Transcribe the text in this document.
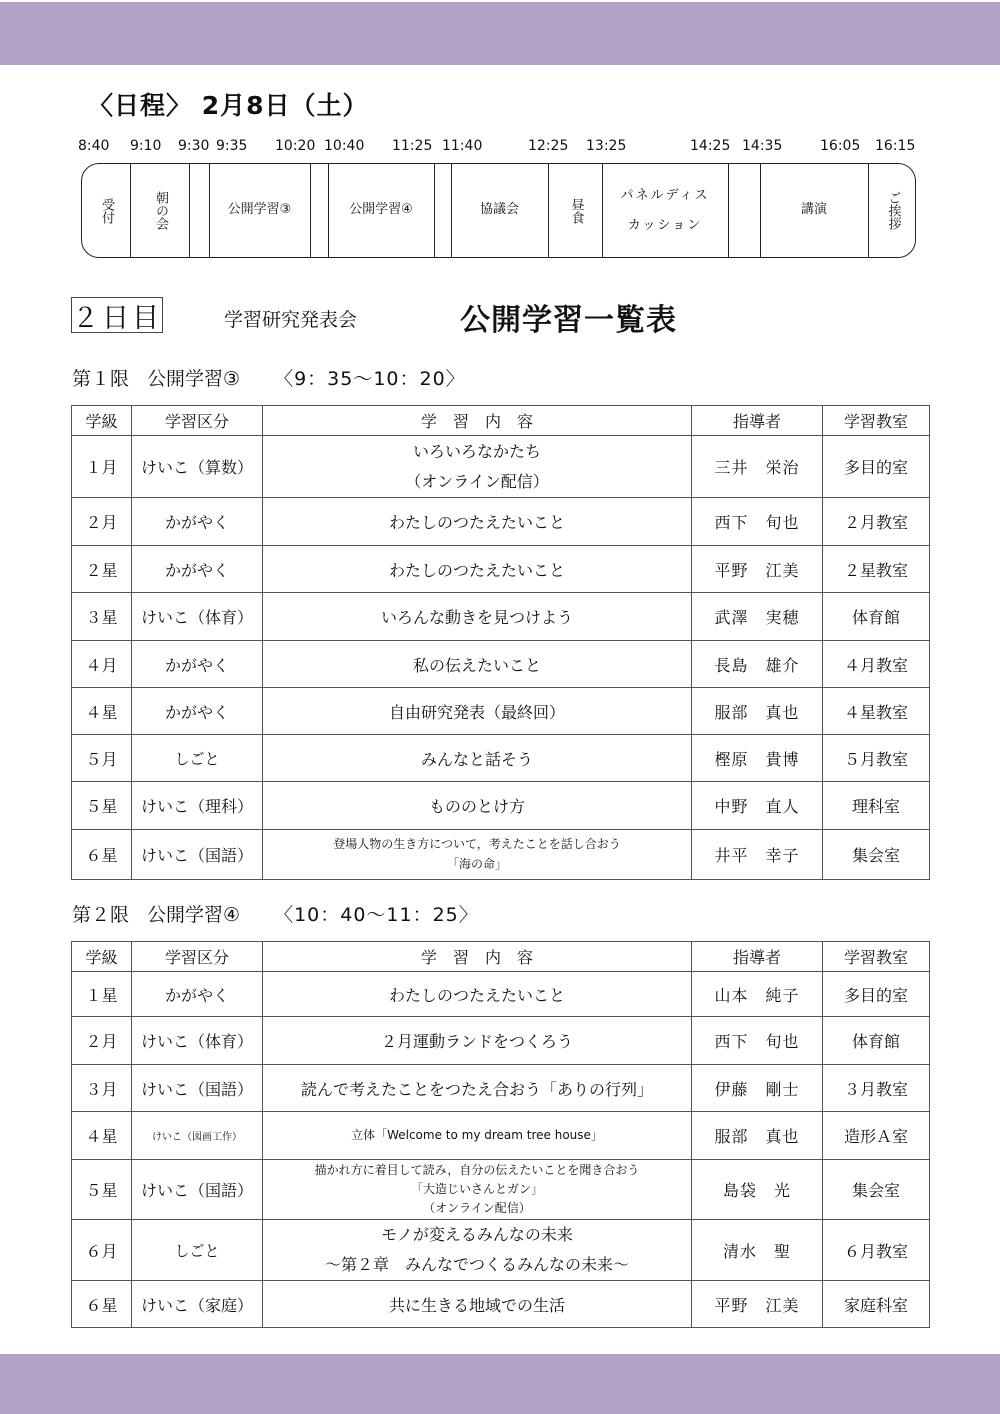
〈日程〉 2月8日（土）
8:40 9:10 9:30 9:35 10:20 10:40 11:25 11:40	12:25 13:25	14:25 14:35	16:05 16:15
受付	朝の会	公開学習③	公開学習④	協議会	昼食
パネルディス
カッション
講演	ご挨拶
２日目	学習研究発表会	公開学習一覧表
第１限 公開学習③ 〈9：35～10：20〉
学級	学習区分	学　習　内　容	指導者	学習教室
１月	けいこ（算数）	いろいろなかたち
（オンライン配信）	三井　栄治	多目的室
２月	かがやく	わたしのつたえたいこと	西下　旬也	２月教室
２星	かがやく	わたしのつたえたいこと	平野　江美	２星教室
３星	けいこ（体育）	いろんな動きを見つけよう	武澤　実穂	体育館
４月	かがやく	私の伝えたいこと	長島　雄介	４月教室
４星	かがやく	自由研究発表（最終回）	服部　真也	４星教室
５月	しごと	みんなと話そう	樫原　貴博	５月教室
５星	けいこ（理科）	もののとけ方	中野　直人	理科室
６星	けいこ（国語）	登場人物の生き方について，考えたことを話し合おう
「海の命」	井平　幸子	集会室
第２限 公開学習④ 〈10：40～11：25〉
学級	学習区分	学　習　内　容	指導者	学習教室
１星	かがやく	わたしのつたえたいこと	山本　純子	多目的室
２月	けいこ（体育）	２月運動ランドをつくろう	西下　旬也	体育館
３月	けいこ（国語）	読んで考えたことをつたえ合おう「ありの行列」	伊藤　剛士	３月教室
４星	けいこ（図画工作）	立体「Welcome to my dream tree house」	服部　真也	造形Ａ室
５星	けいこ（国語）	描かれ方に着目して読み，自分の伝えたいことを聞き合おう
「大造じいさんとガン」
（オンライン配信）	島袋　光	集会室
６月	しごと	モノが変えるみんなの未来
～第２章　みんなでつくるみんなの未来～	清水　聖	６月教室
６星	けいこ（家庭）	共に生きる地域での生活	平野　江美	家庭科室
